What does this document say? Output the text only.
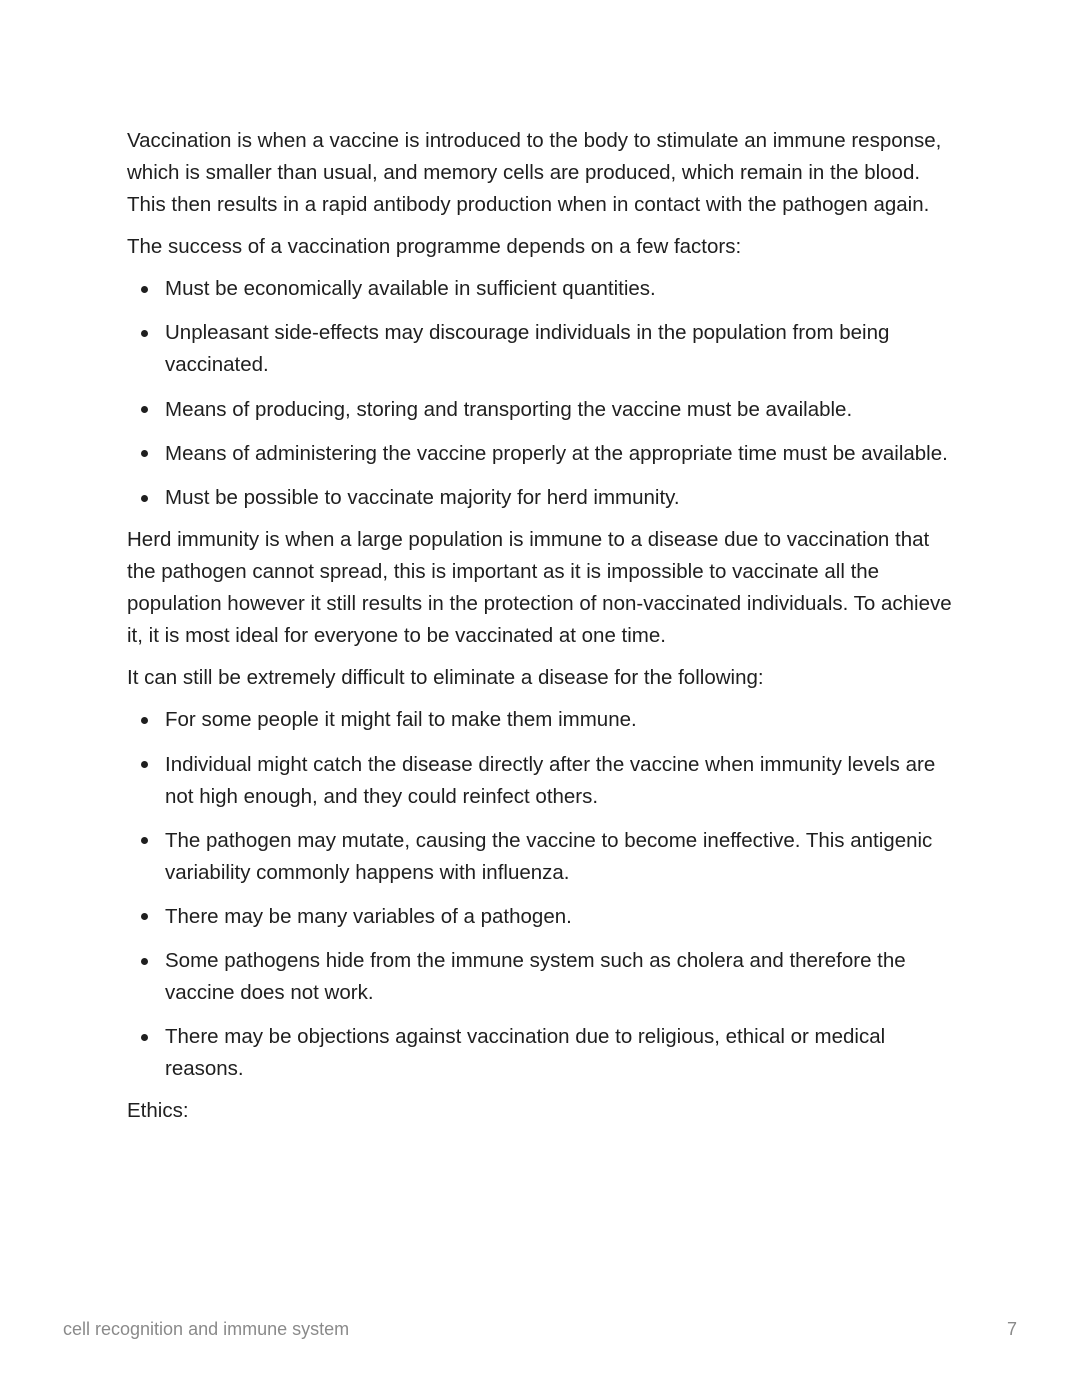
Vaccination is when a vaccine is introduced to the body to stimulate an immune response, which is smaller than usual, and memory cells are produced, which remain in the blood. This then results in a rapid antibody production when in contact with the pathogen again.

The success of a vaccination programme depends on a few factors:

Must be economically available in sufficient quantities.
Unpleasant side-effects may discourage individuals in the population from being vaccinated.
Means of producing, storing and transporting the vaccine must be available.
Means of administering the vaccine properly at the appropriate time must be available.
Must be possible to vaccinate majority for herd immunity.

Herd immunity is when a large population is immune to a disease due to vaccination that the pathogen cannot spread, this is important as it is impossible to vaccinate all the population however it still results in the protection of non-vaccinated individuals. To achieve it, it is most ideal for everyone to be vaccinated at one time.

It can still be extremely difficult to eliminate a disease for the following:

For some people it might fail to make them immune.
Individual might catch the disease directly after the vaccine when immunity levels are not high enough, and they could reinfect others.
The pathogen may mutate, causing the vaccine to become ineffective. This antigenic variability commonly happens with influenza.
There may be many variables of a pathogen.
Some pathogens hide from the immune system such as cholera and therefore the vaccine does not work.
There may be objections against vaccination due to religious, ethical or medical reasons.

Ethics:

cell recognition and immune system	7
